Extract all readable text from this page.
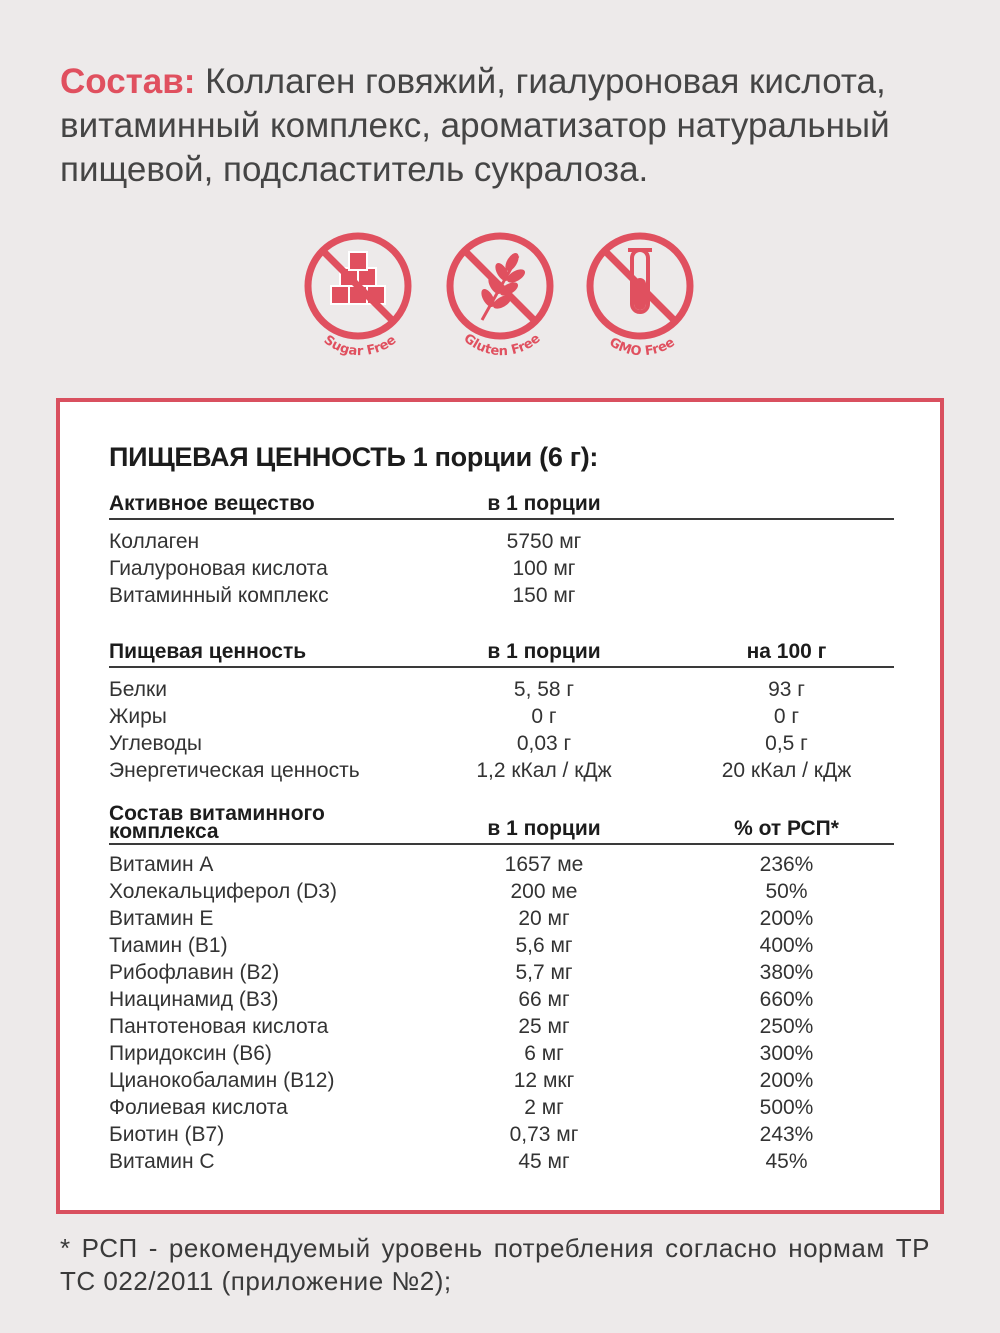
Состав: Коллаген говяжий, гиалуроновая кислота, витаминный комплекс, ароматизатор натуральный пищевой, подсластитель сукралоза.
Sugar Free	Gluten Free	GMO Free
ПИЩЕВАЯ ЦЕННОСТЬ 1 порции (6 г):
Активное вещество	в 1 порции
Коллаген	5750 мг
Гиалуроновая кислота	100 мг
Витаминный комплекс	150 мг
Пищевая ценность	в 1 порции	на 100 г
Белки	5, 58 г	93 г
Жиры	0 г	0 г
Углеводы	0,03 г	0,5 г
Энергетическая ценность	1,2 кКал / кДж	20 кКал / кДж
Состав витаминного комплекса	в 1 порции	% от РСП*
Витамин А	1657 ме	236%
Холекальциферол (D3)	200 ме	50%
Витамин Е	20 мг	200%
Тиамин (В1)	5,6 мг	400%
Рибофлавин (В2)	5,7 мг	380%
Ниацинамид (В3)	66 мг	660%
Пантотеновая кислота	25 мг	250%
Пиридоксин (В6)	6 мг	300%
Цианокобаламин (В12)	12 мкг	200%
Фолиевая кислота	2 мг	500%
Биотин (В7)	0,73 мг	243%
Витамин С	45 мг	45%
* РСП - рекомендуемый уровень потребления согласно нормам ТР ТС 022/2011 (приложение №2);
